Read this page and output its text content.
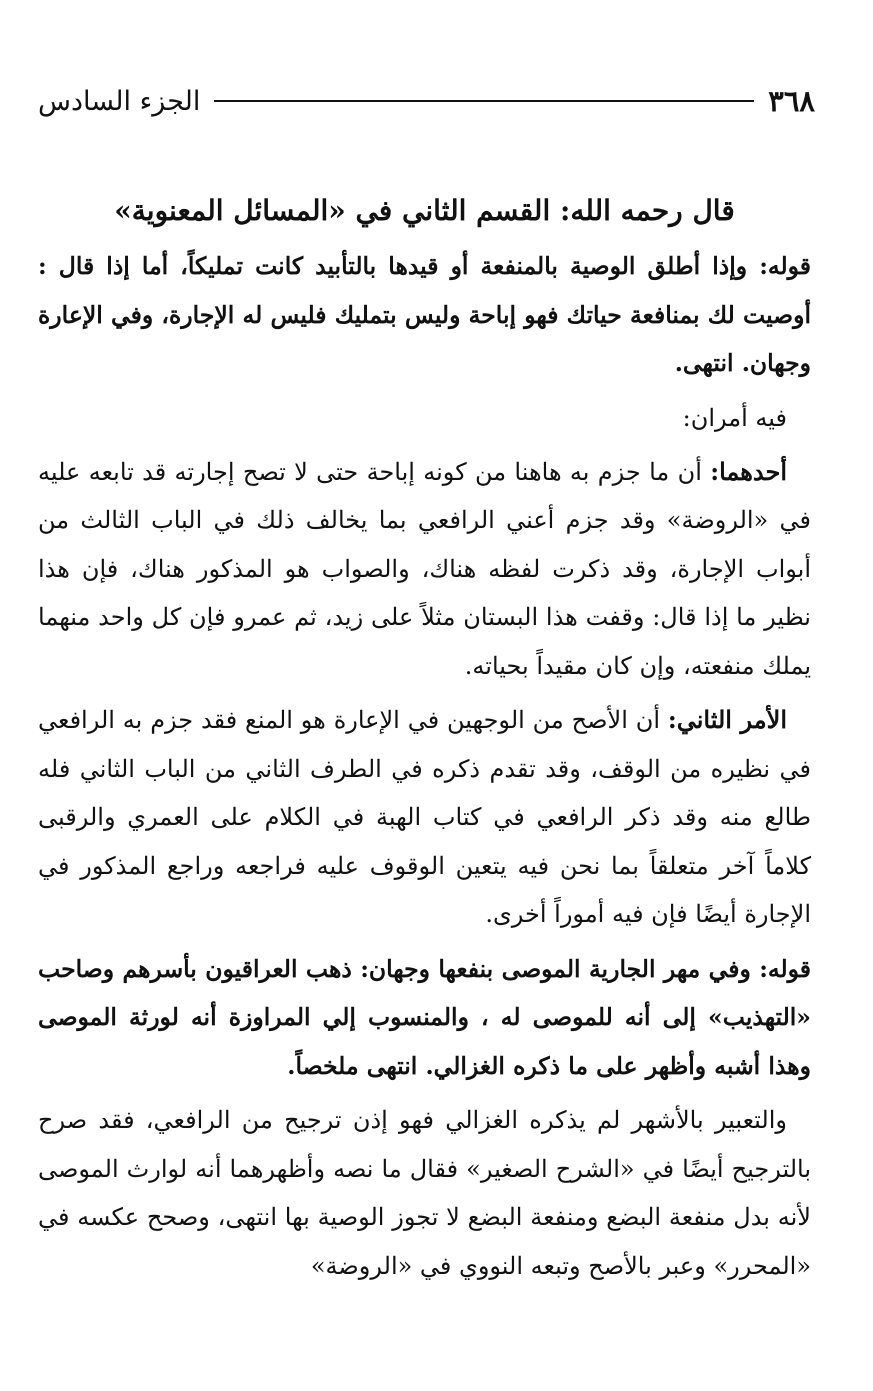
٣٦٨
الجزء السادس
قال رحمه الله: القسم الثاني في «المسائل المعنوية»

قوله: وإذا أطلق الوصية بالمنفعة أو قيدها بالتأبيد كانت تمليكاً، أما إذا قال : أوصيت لك بمنافعة حياتك فهو إباحة وليس بتمليك فليس له الإجارة، وفي الإعارة وجهان. انتهى.

فيه أمران:

أحدهما: أن ما جزم به هاهنا من كونه إباحة حتى لا تصح إجارته قد تابعه عليه في «الروضة» وقد جزم أعني الرافعي بما يخالف ذلك في الباب الثالث من أبواب الإجارة، وقد ذكرت لفظه هناك، والصواب هو المذكور هناك، فإن هذا نظير ما إذا قال: وقفت هذا البستان مثلاً على زيد، ثم عمرو فإن كل واحد منهما يملك منفعته، وإن كان مقيداً بحياته.

الأمر الثاني: أن الأصح من الوجهين في الإعارة هو المنع فقد جزم به الرافعي في نظيره من الوقف، وقد تقدم ذكره في الطرف الثاني من الباب الثاني فله طالع منه وقد ذكر الرافعي في كتاب الهبة في الكلام على العمري والرقبى كلاماً آخر متعلقاً بما نحن فيه يتعين الوقوف عليه فراجعه وراجع المذكور في الإجارة أيضًا فإن فيه أموراً أخرى.

قوله: وفي مهر الجارية الموصى بنفعها وجهان: ذهب العراقيون بأسرهم وصاحب «التهذيب» إلى أنه للموصى له ، والمنسوب إلي المراوزة أنه لورثة الموصى وهذا أشبه وأظهر على ما ذكره الغزالي. انتهى ملخصاً.

والتعبير بالأشهر لم يذكره الغزالي فهو إذن ترجيح من الرافعي، فقد صرح بالترجيح أيضًا في «الشرح الصغير» فقال ما نصه وأظهرهما أنه لوارث الموصى لأنه بدل منفعة البضع ومنفعة البضع لا تجوز الوصية بها انتهى، وصحح عكسه في «المحرر» وعبر بالأصح وتبعه النووي في «الروضة»
